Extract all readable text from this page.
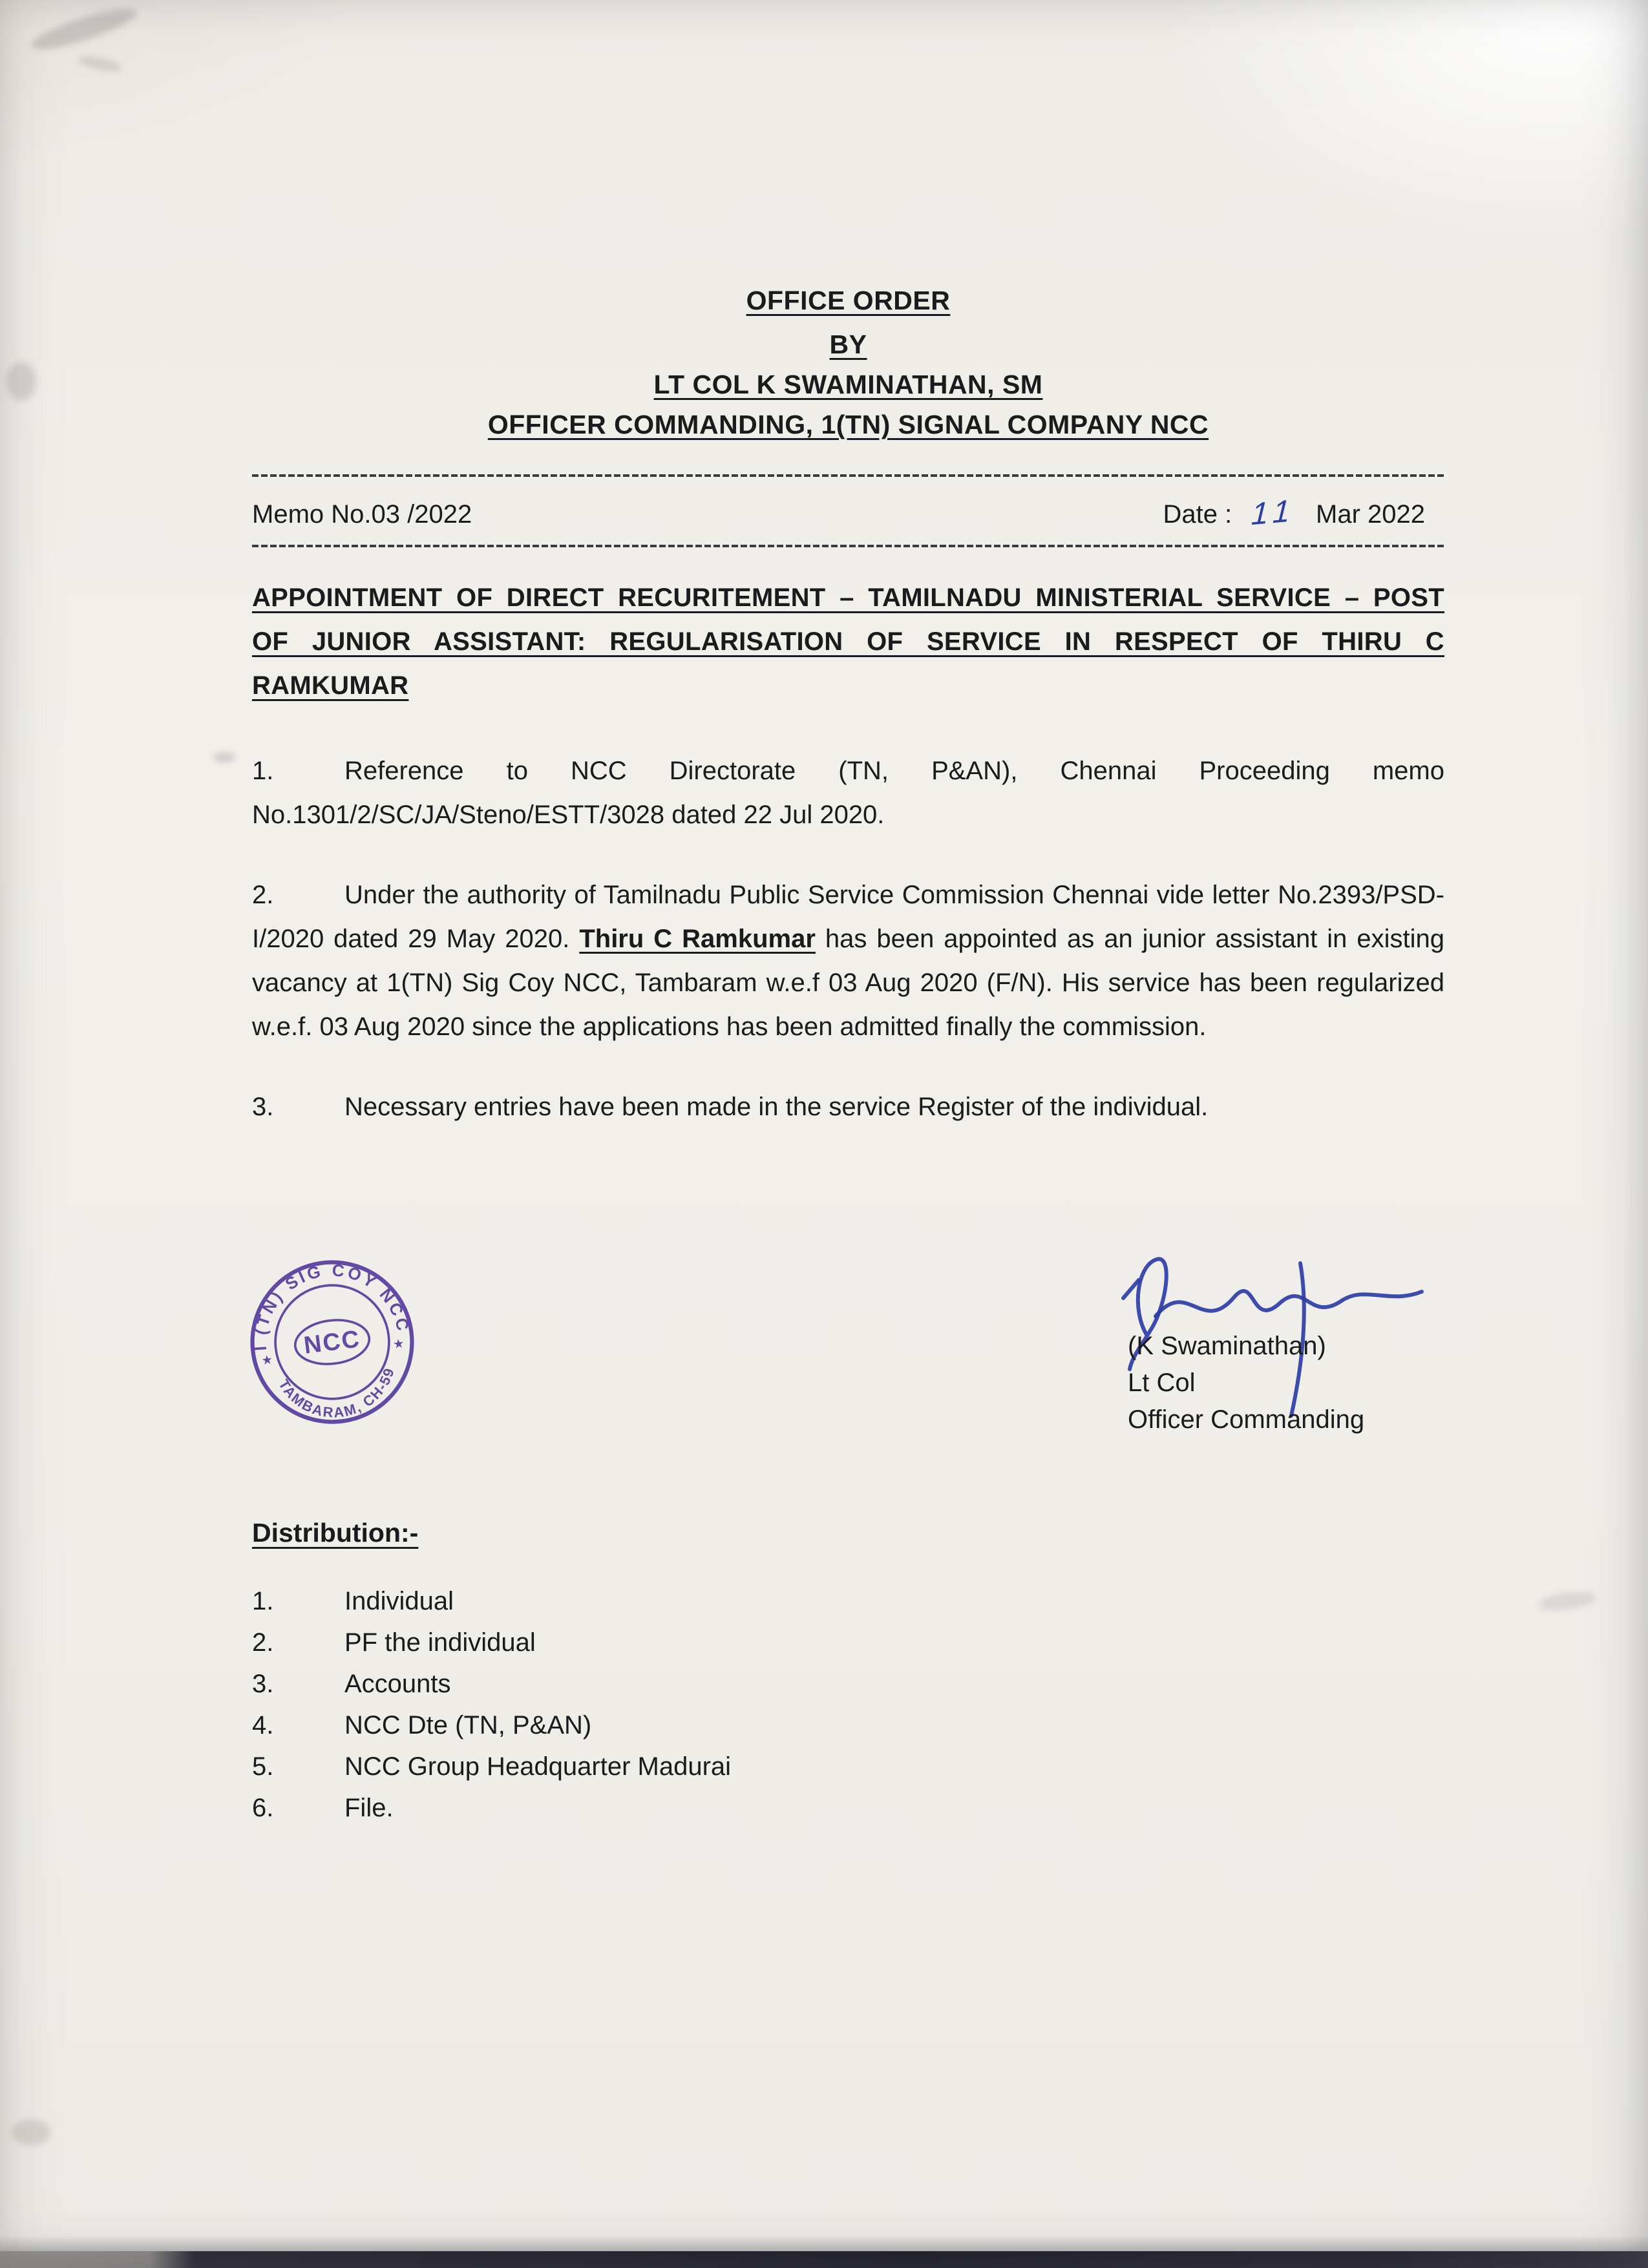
OFFICE ORDER
BY
LT COL K SWAMINATHAN, SM
OFFICER COMMANDING, 1(TN) SIGNAL COMPANY NCC
Memo No.03 /2022	Date : 11 Mar 2022
APPOINTMENT OF DIRECT RECURITEMENT – TAMILNADU MINISTERIAL SERVICE – POST OF JUNIOR ASSISTANT: REGULARISATION OF SERVICE IN RESPECT OF THIRU C RAMKUMAR

1.	Reference to NCC Directorate (TN, P&AN), Chennai Proceeding memo No.1301/2/SC/JA/Steno/ESTT/3028 dated 22 Jul 2020.

2.	Under the authority of Tamilnadu Public Service Commission Chennai vide letter No.2393/PSD-I/2020 dated 29 May 2020. Thiru C Ramkumar has been appointed as an junior assistant in existing vacancy at 1(TN) Sig Coy NCC, Tambaram w.e.f 03 Aug 2020 (F/N). His service has been regularized w.e.f. 03 Aug 2020 since the applications has been admitted finally the commission.

3.	Necessary entries have been made in the service Register of the individual.

I (TN) SIG COY NCC
TAMBARAM, CH-59
NCC
★
★	(K Swaminathan)
Lt Col
Officer Commanding
Distribution:-
1.	Individual
2.	PF the individual
3.	Accounts
4.	NCC Dte (TN, P&AN)
5.	NCC Group Headquarter Madurai
6.	File.
